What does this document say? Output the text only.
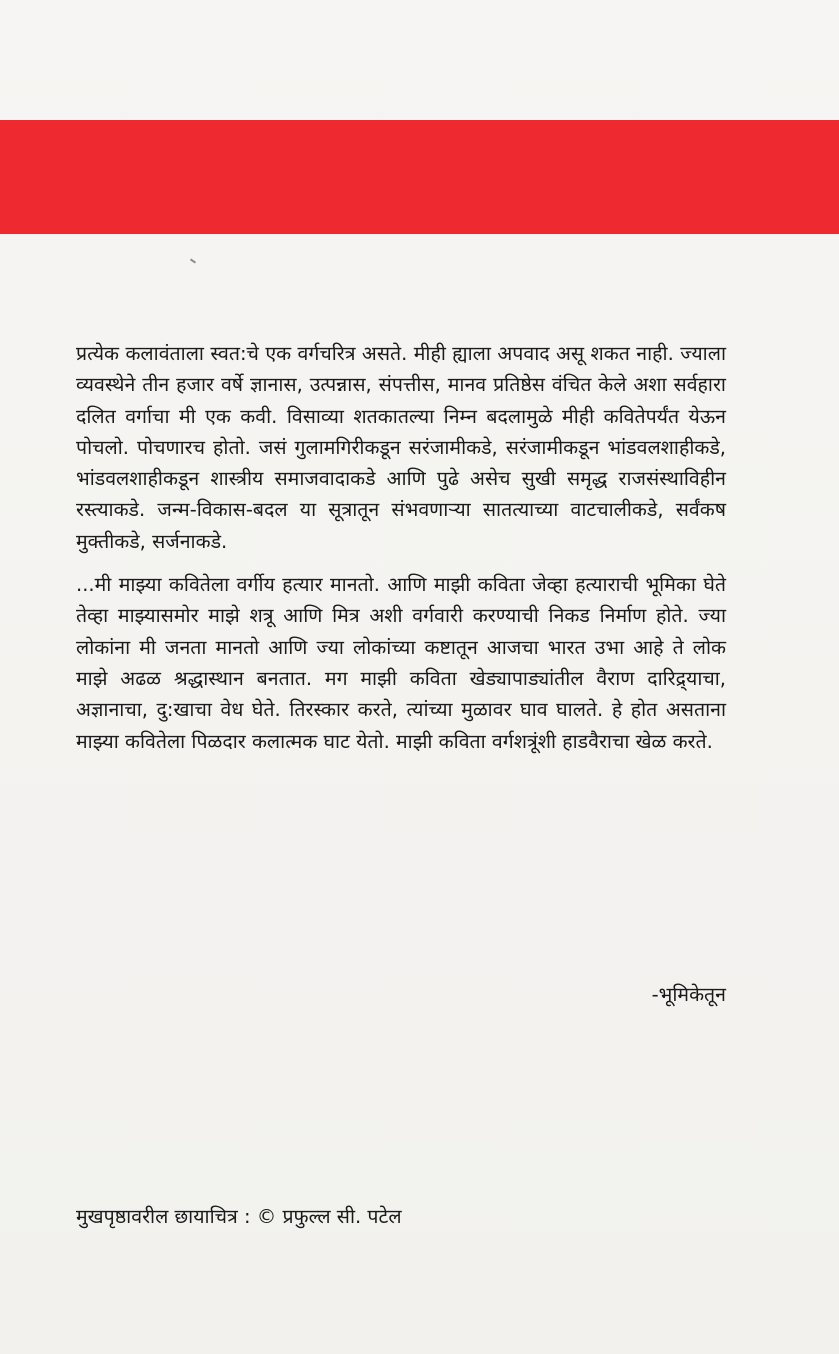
प्रत्येक कलावंताला स्वत:चे एक वर्गचरित्र असते. मीही ह्याला अपवाद असू शकत नाही. ज्याला व्यवस्थेने तीन हजार वर्षे ज्ञानास, उत्पन्नास, संपत्तीस, मानव प्रतिष्ठेस वंचित केले अशा सर्वहारा दलित वर्गाचा मी एक कवी. विसाव्या शतकातल्या निम्न बदलामुळे मीही कवितेपर्यंत येऊन पोचलो. पोचणारच होतो. जसं गुलामगिरीकडून सरंजामीकडे, सरंजामीकडून भांडवलशाहीकडे, भांडवलशाहीकडून शास्त्रीय समाजवादाकडे आणि पुढे असेच सुखी समृद्ध राजसंस्थाविहीन रस्त्याकडे. जन्म-विकास-बदल या सूत्रातून संभवणाऱ्या सातत्याच्या वाटचालीकडे, सर्वंकष मुक्तीकडे, सर्जनाकडे.

...मी माझ्या कवितेला वर्गीय हत्यार मानतो. आणि माझी कविता जेव्हा हत्याराची भूमिका घेते तेव्हा माझ्यासमोर माझे शत्रू आणि मित्र अशी वर्गवारी करण्याची निकड निर्माण होते. ज्या लोकांना मी जनता मानतो आणि ज्या लोकांच्या कष्टातून आजचा भारत उभा आहे ते लोक माझे अढळ श्रद्धास्थान बनतात. मग माझी कविता खेड्यापाड्यांतील वैराण दारिद्र्याचा, अज्ञानाचा, दु:खाचा वेध घेते. तिरस्कार करते, त्यांच्या मुळावर घाव घालते. हे होत असताना माझ्या कवितेला पिळदार कलात्मक घाट येतो. माझी कविता वर्गशत्रूंशी हाडवैराचा खेळ करते.

-भूमिकेतून
मुखपृष्ठावरील छायाचित्र : © प्रफुल्ल सी. पटेल
